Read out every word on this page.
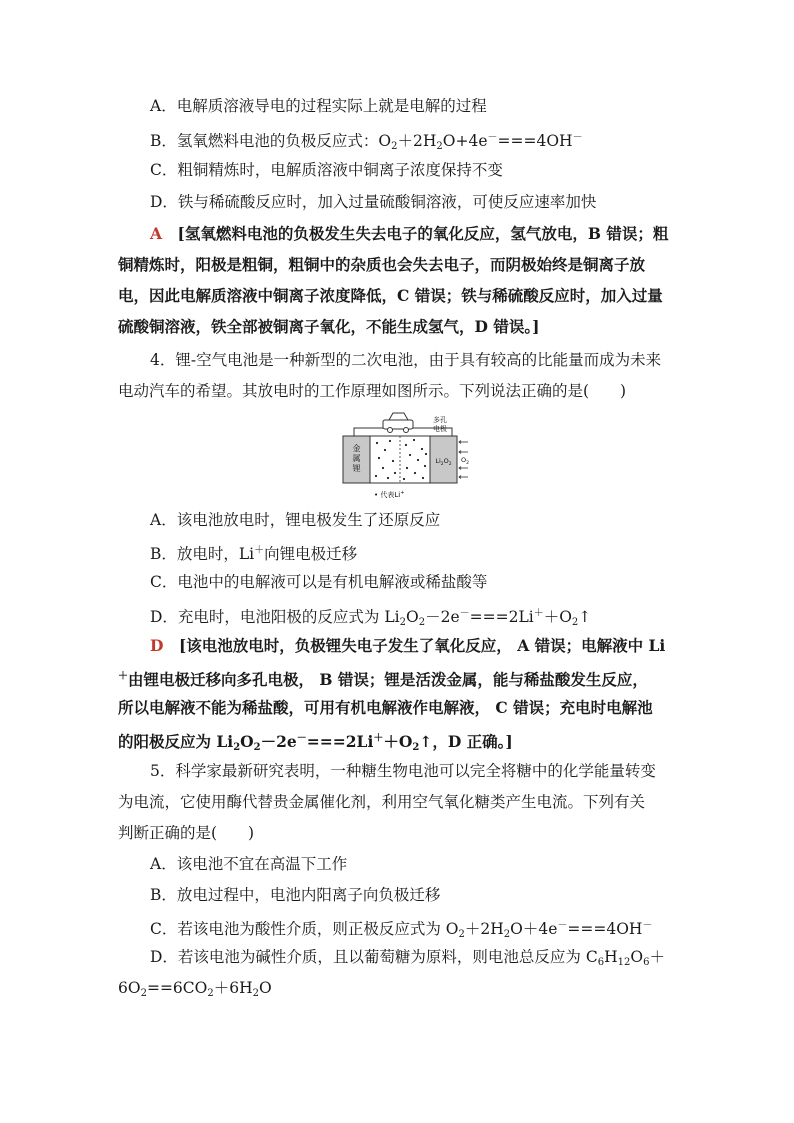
A．电解质溶液导电的过程实际上就是电解的过程
B．氢氧燃料电池的负极反应式：$O_2+2H_2O+4e^-===4OH^-$
C．粗铜精炼时，电解质溶液中铜离子浓度保持不变
D．铁与稀硫酸反应时，加入过量硫酸铜溶液，可使反应速率加快
A　 [氢氧燃料电池的负极发生失去电子的氧化反应，氢气放电，B 错误；粗
铜精炼时，阳极是粗铜，粗铜中的杂质也会失去电子，而阴极始终是铜离子放
电，因此电解质溶液中铜离子浓度降低，C 错误；铁与稀硫酸反应时，加入过量
硫酸铜溶液，铁全部被铜离子氧化，不能生成氢气，D 错误。]
4．锂-空气电池是一种新型的二次电池，由于具有较高的比能量而成为未来
电动汽车的希望。其放电时的工作原理如图所示。下列说法正确的是(　　)
金
属
锂
$Li_2O_2$
多孔
电极
$O_2$
• 代表Li+
A．该电池放电时，锂电极发生了还原反应
B．放电时，Li＋向锂电极迁移
C．电池中的电解液可以是有机电解液或稀盐酸等
D．充电时，电池阳极的反应式为 $Li_2O_2-2e^-===2Li^++O_2↑$
D　 [该电池放电时，负极锂失电子发生了氧化反应， A 错误；电解液中 Li
＋由锂电极迁移向多孔电极， B 错误；锂是活泼金属，能与稀盐酸发生反应，
所以电解液不能为稀盐酸，可用有机电解液作电解液， C 错误；充电时电解池
的阳极反应为 $Li_2O_2-2e^-===2Li^++O_2↑$，D 正确。]
5．科学家最新研究表明，一种糖生物电池可以完全将糖中的化学能量转变
为电流，它使用酶代替贵金属催化剂，利用空气氧化糖类产生电流。下列有关
判断正确的是(　　)
A．该电池不宜在高温下工作
B．放电过程中，电池内阳离子向负极迁移
C．若该电池为酸性介质，则正极反应式为 $O_2+2H_2O+4e^-===4OH^-$
D．若该电池为碱性介质，且以葡萄糖为原料，则电池总反应为 $C_6H_{12}O_6+$
$6O_2==6CO_2+6H_2O$
